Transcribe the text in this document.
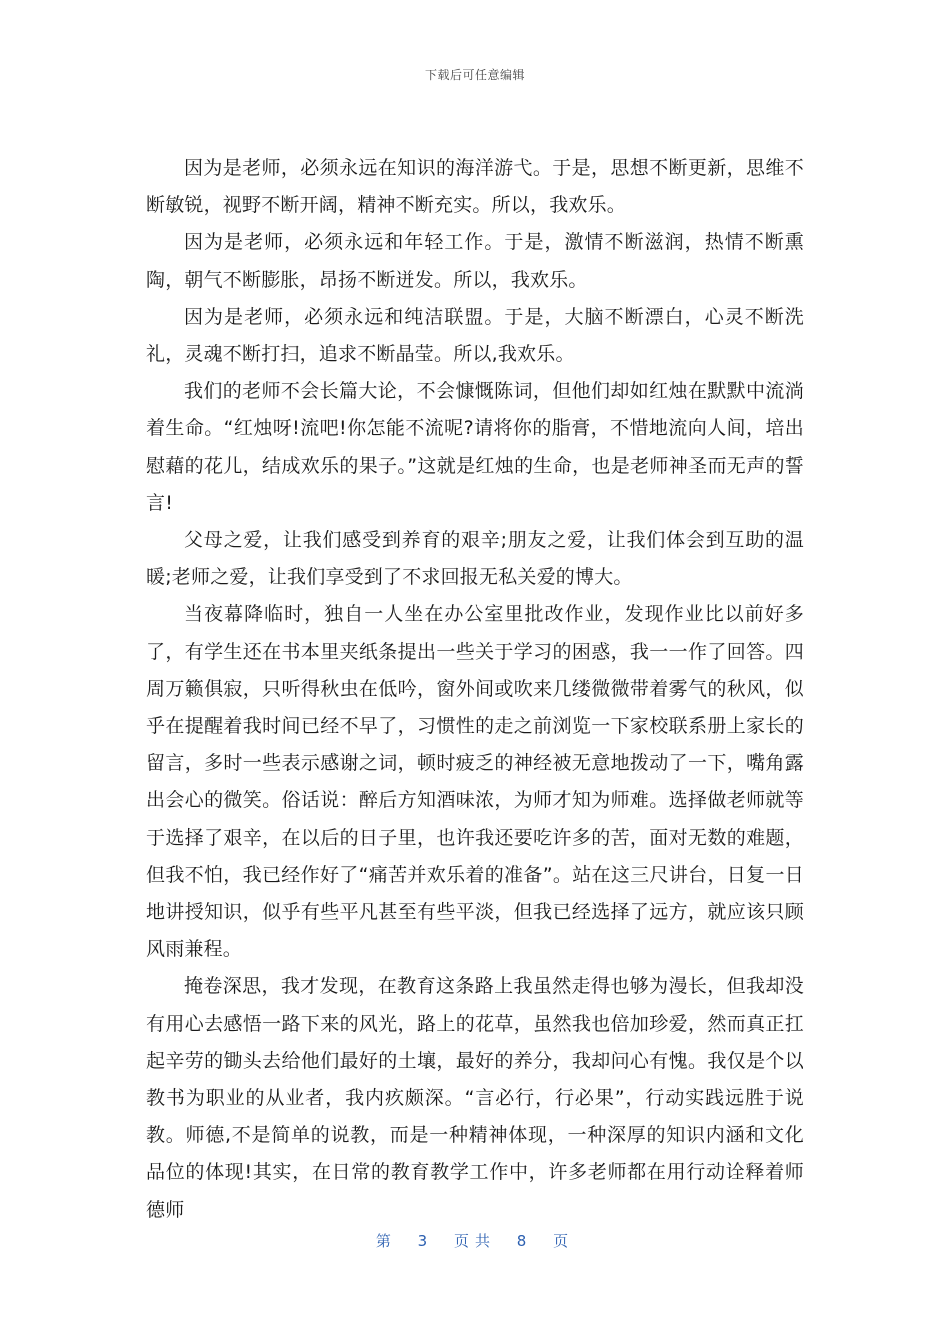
下载后可任意编辑

因为是老师，必须永远在知识的海洋游弋。于是，思想不断更新，思维不断敏锐，视野不断开阔，精神不断充实。所以，我欢乐。

因为是老师，必须永远和年轻工作。于是，激情不断滋润，热情不断熏陶，朝气不断膨胀，昂扬不断迸发。所以，我欢乐。

因为是老师，必须永远和纯洁联盟。于是，大脑不断漂白，心灵不断洗礼，灵魂不断打扫，追求不断晶莹。所以,我欢乐。

我们的老师不会长篇大论，不会慷慨陈词，但他们却如红烛在默默中流淌着生命。“红烛呀!流吧!你怎能不流呢?请将你的脂膏，不惜地流向人间，培出慰藉的花儿，结成欢乐的果子。”这就是红烛的生命，也是老师神圣而无声的誓言!

父母之爱，让我们感受到养育的艰辛;朋友之爱，让我们体会到互助的温暖;老师之爱，让我们享受到了不求回报无私关爱的博大。

当夜幕降临时，独自一人坐在办公室里批改作业，发现作业比以前好多了，有学生还在书本里夹纸条提出一些关于学习的困惑，我一一作了回答。四周万籁俱寂，只听得秋虫在低吟，窗外间或吹来几缕微微带着雾气的秋风，似乎在提醒着我时间已经不早了，习惯性的走之前浏览一下家校联系册上家长的留言，多时一些表示感谢之词，顿时疲乏的神经被无意地拨动了一下，嘴角露出会心的微笑。俗话说：醉后方知酒味浓，为师才知为师难。选择做老师就等于选择了艰辛，在以后的日子里，也许我还要吃许多的苦，面对无数的难题，但我不怕，我已经作好了“痛苦并欢乐着的准备”。站在这三尺讲台，日复一日地讲授知识，似乎有些平凡甚至有些平淡，但我已经选择了远方，就应该只顾风雨兼程。

掩卷深思，我才发现，在教育这条路上我虽然走得也够为漫长，但我却没有用心去感悟一路下来的风光，路上的花草，虽然我也倍加珍爱，然而真正扛起辛劳的锄头去给他们最好的土壤，最好的养分，我却问心有愧。我仅是个以教书为职业的从业者，我内疚颇深。“言必行，行必果”，行动实践远胜于说教。师德,不是简单的说教，而是一种精神体现，一种深厚的知识内涵和文化品位的体现!其实，在日常的教育教学工作中，许多老师都在用行动诠释着师德师

第 3 页共 8 页
